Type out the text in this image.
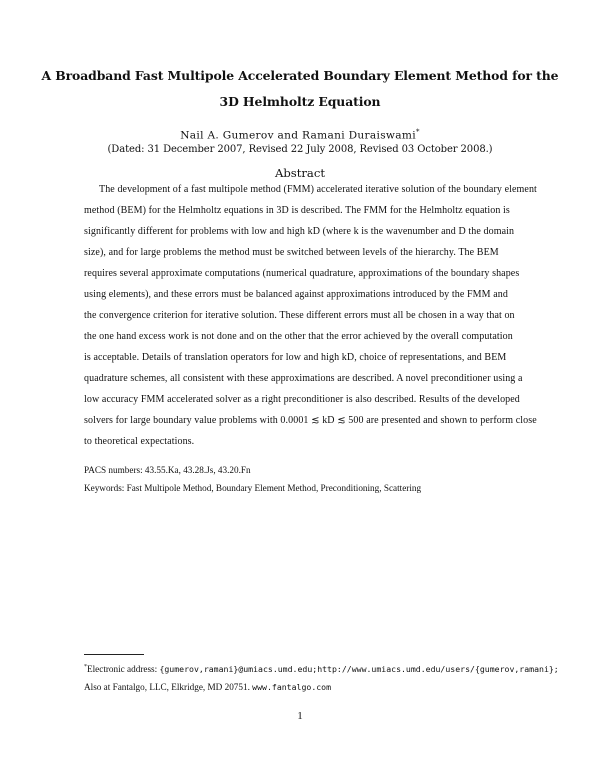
A Broadband Fast Multipole Accelerated Boundary Element Method for the
3D Helmholtz Equation
Nail A. Gumerov and Ramani Duraiswami*
(Dated: 31 December 2007, Revised 22 July 2008, Revised 03 October 2008.)
Abstract
The development of a fast multipole method (FMM) accelerated iterative solution of the boundary element
method (BEM) for the Helmholtz equations in 3D is described. The FMM for the Helmholtz equation is
significantly different for problems with low and high kD (where k is the wavenumber and D the domain
size), and for large problems the method must be switched between levels of the hierarchy. The BEM
requires several approximate computations (numerical quadrature, approximations of the boundary shapes
using elements), and these errors must be balanced against approximations introduced by the FMM and
the convergence criterion for iterative solution. These different errors must all be chosen in a way that on
the one hand excess work is not done and on the other that the error achieved by the overall computation
is acceptable. Details of translation operators for low and high kD, choice of representations, and BEM
quadrature schemes, all consistent with these approximations are described. A novel preconditioner using a
low accuracy FMM accelerated solver as a right preconditioner is also described. Results of the developed
solvers for large boundary value problems with 0.0001 ≲ kD ≲ 500 are presented and shown to perform close
to theoretical expectations.
PACS numbers: 43.55.Ka, 43.28.Js, 43.20.Fn
Keywords: Fast Multipole Method, Boundary Element Method, Preconditioning, Scattering
*Electronic address: {gumerov,ramani}@umiacs.umd.edu;http://www.umiacs.umd.edu/users/{gumerov,ramani};
Also at Fantalgo, LLC, Elkridge, MD 20751. www.fantalgo.com
1
